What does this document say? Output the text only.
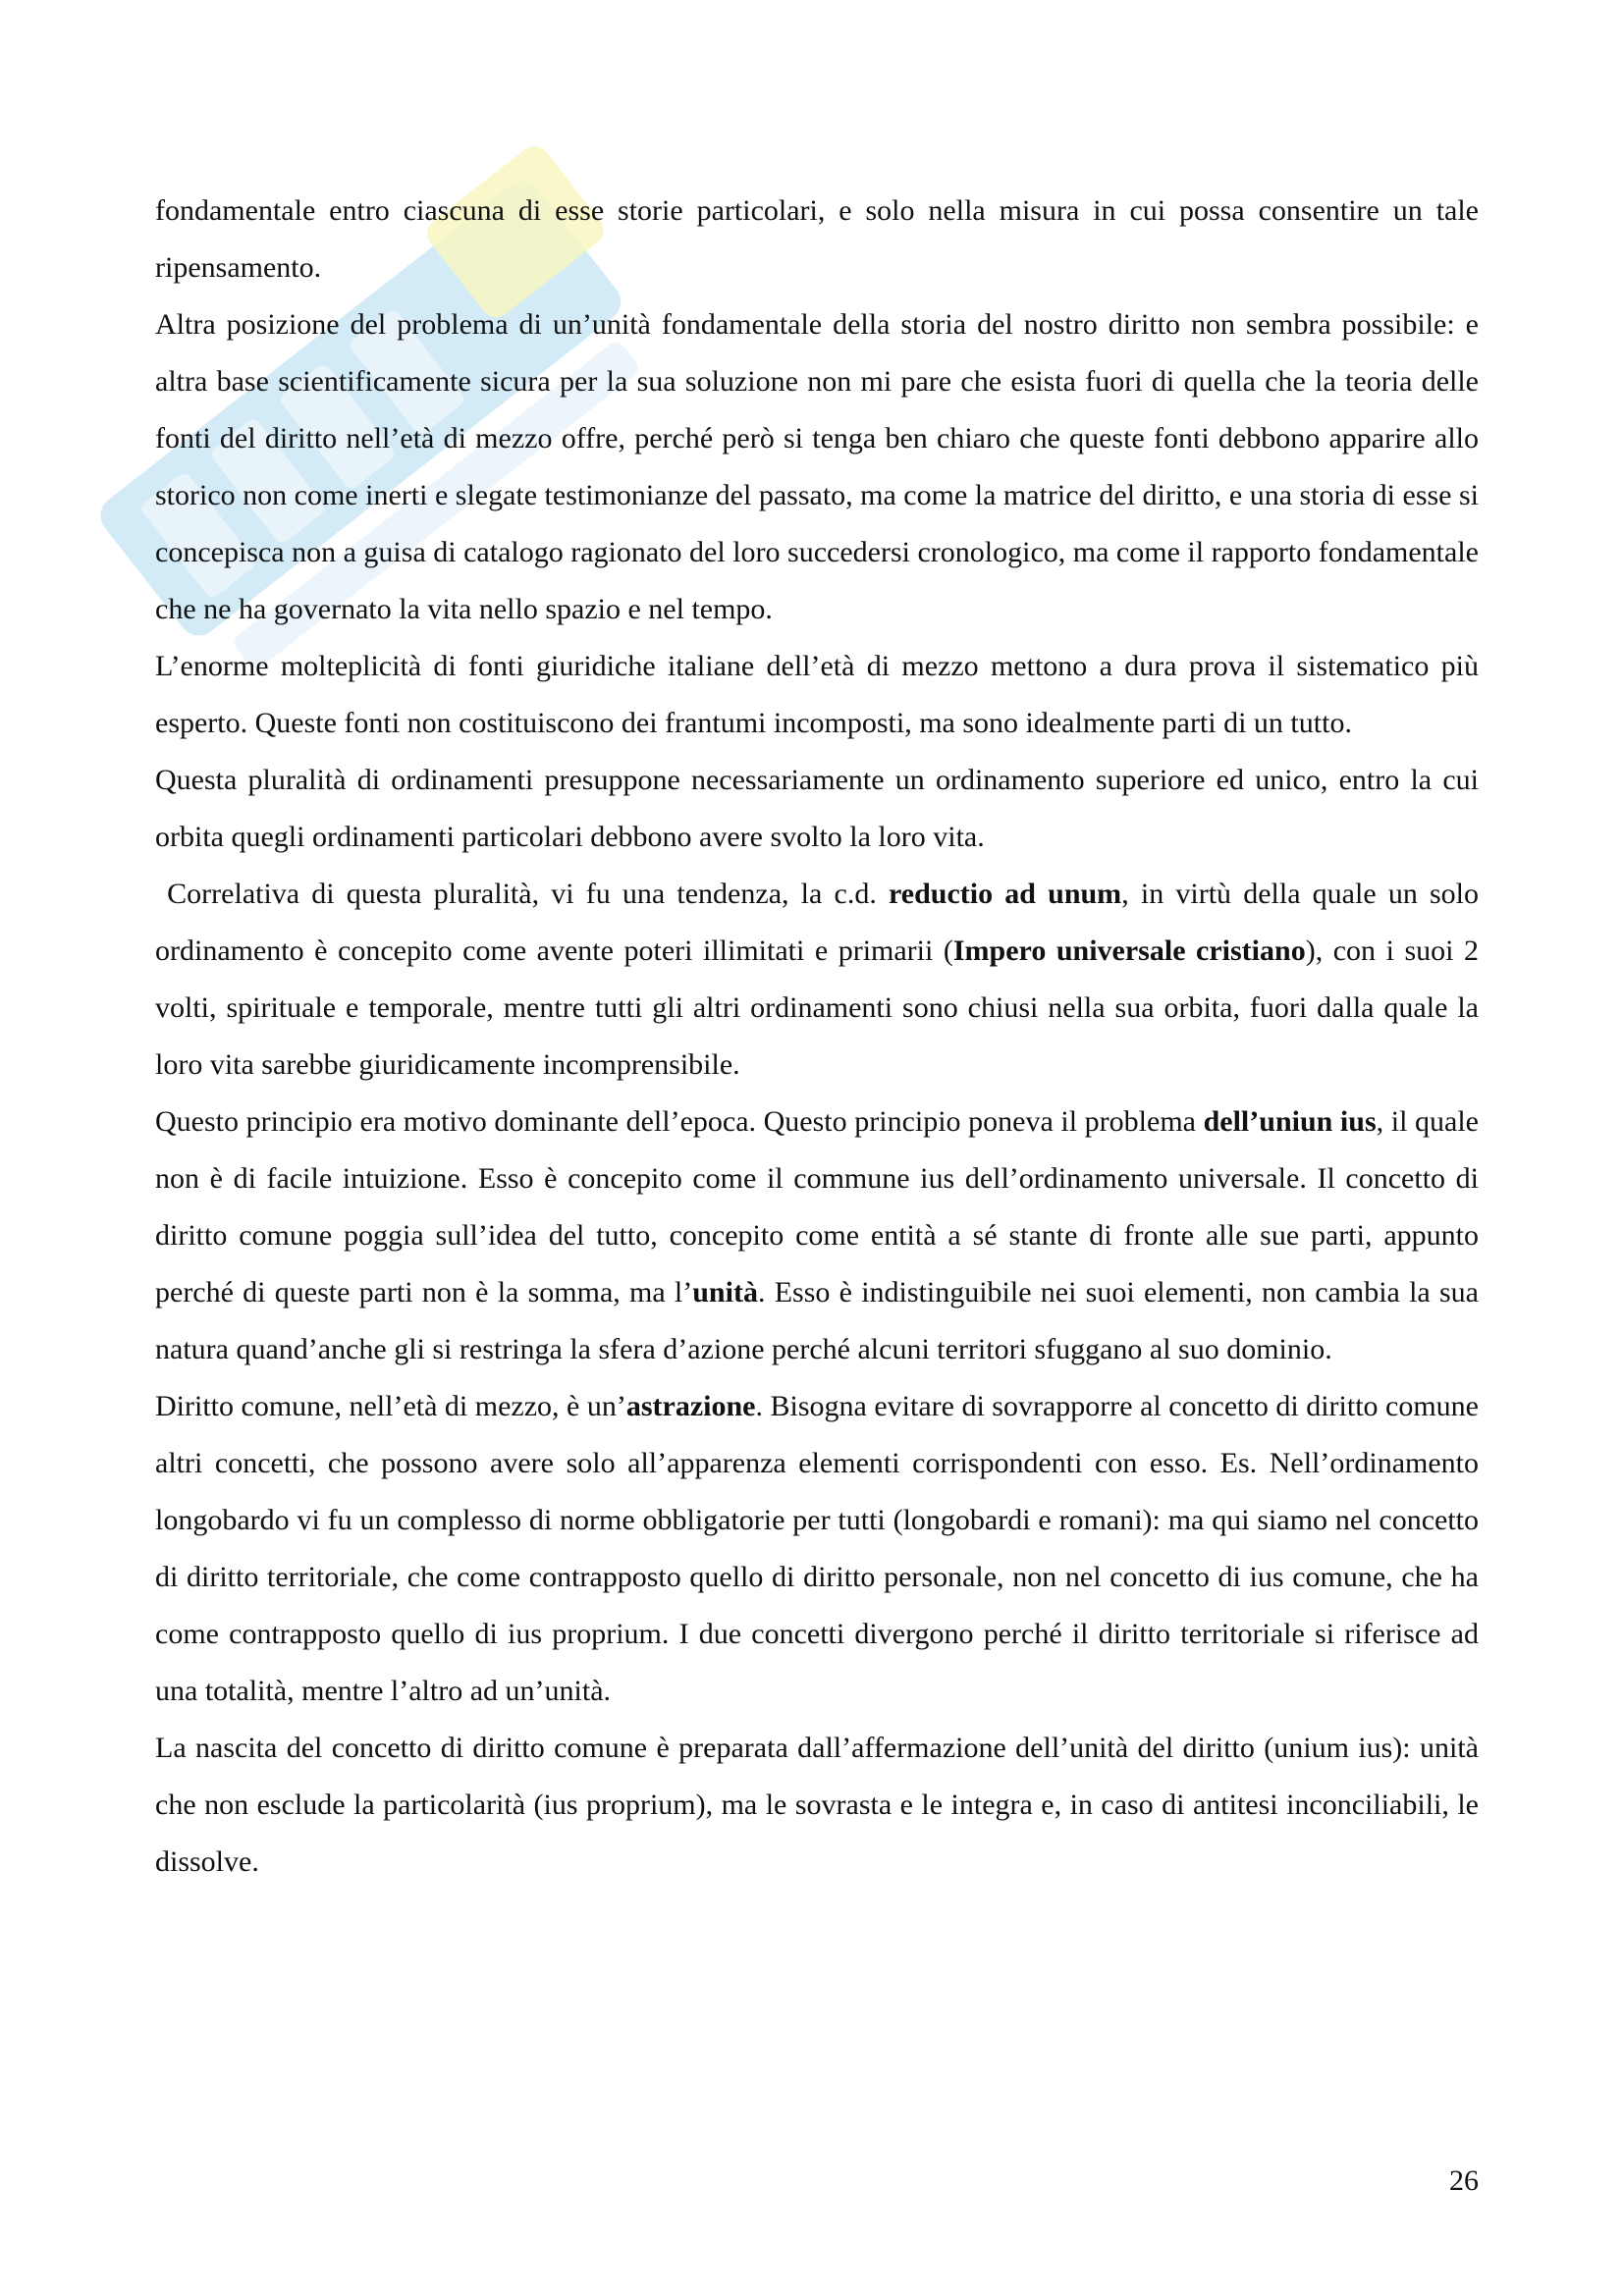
fondamentale entro ciascuna di esse storie particolari, e solo nella misura in cui possa consentire un tale ripensamento.

Altra posizione del problema di un’unità fondamentale della storia del nostro diritto non sembra possibile: e altra base scientificamente sicura per la sua soluzione non mi pare che esista fuori di quella che la teoria delle fonti del diritto nell’età di mezzo offre, perché però si tenga ben chiaro che queste fonti debbono apparire allo storico non come inerti e slegate testimonianze del passato, ma come la matrice del diritto, e una storia di esse si concepisca non a guisa di catalogo ragionato del loro succedersi cronologico, ma come il rapporto fondamentale che ne ha governato la vita nello spazio e nel tempo.

L’enorme molteplicità di fonti giuridiche italiane dell’età di mezzo mettono a dura prova il sistematico più esperto. Queste fonti non costituiscono dei frantumi incomposti, ma sono idealmente parti di un tutto.

Questa pluralità di ordinamenti presuppone necessariamente un ordinamento superiore ed unico, entro la cui orbita quegli ordinamenti particolari debbono avere svolto la loro vita.

Correlativa di questa pluralità, vi fu una tendenza, la c.d. reductio ad unum, in virtù della quale un solo ordinamento è concepito come avente poteri illimitati e primarii (Impero universale cristiano), con i suoi 2 volti, spirituale e temporale, mentre tutti gli altri ordinamenti sono chiusi nella sua orbita, fuori dalla quale la loro vita sarebbe giuridicamente incomprensibile.

Questo principio era motivo dominante dell’epoca. Questo principio poneva il problema dell’uniun ius, il quale non è di facile intuizione. Esso è concepito come il commune ius dell’ordinamento universale. Il concetto di diritto comune poggia sull’idea del tutto, concepito come entità a sé stante di fronte alle sue parti, appunto perché di queste parti non è la somma, ma l’unità. Esso è indistinguibile nei suoi elementi, non cambia la sua natura quand’anche gli si restringa la sfera d’azione perché alcuni territori sfuggano al suo dominio.

Diritto comune, nell’età di mezzo, è un’astrazione. Bisogna evitare di sovrapporre al concetto di diritto comune altri concetti, che possono avere solo all’apparenza elementi corrispondenti con esso. Es. Nell’ordinamento longobardo vi fu un complesso di norme obbligatorie per tutti (longobardi e romani): ma qui siamo nel concetto di diritto territoriale, che come contrapposto quello di diritto personale, non nel concetto di ius comune, che ha come contrapposto quello di ius proprium. I due concetti divergono perché il diritto territoriale si riferisce ad una totalità, mentre l’altro ad un’unità.

La nascita del concetto di diritto comune è preparata dall’affermazione dell’unità del diritto (unium ius): unità che non esclude la particolarità (ius proprium), ma le sovrasta e le integra e, in caso di antitesi inconciliabili, le dissolve.

26
